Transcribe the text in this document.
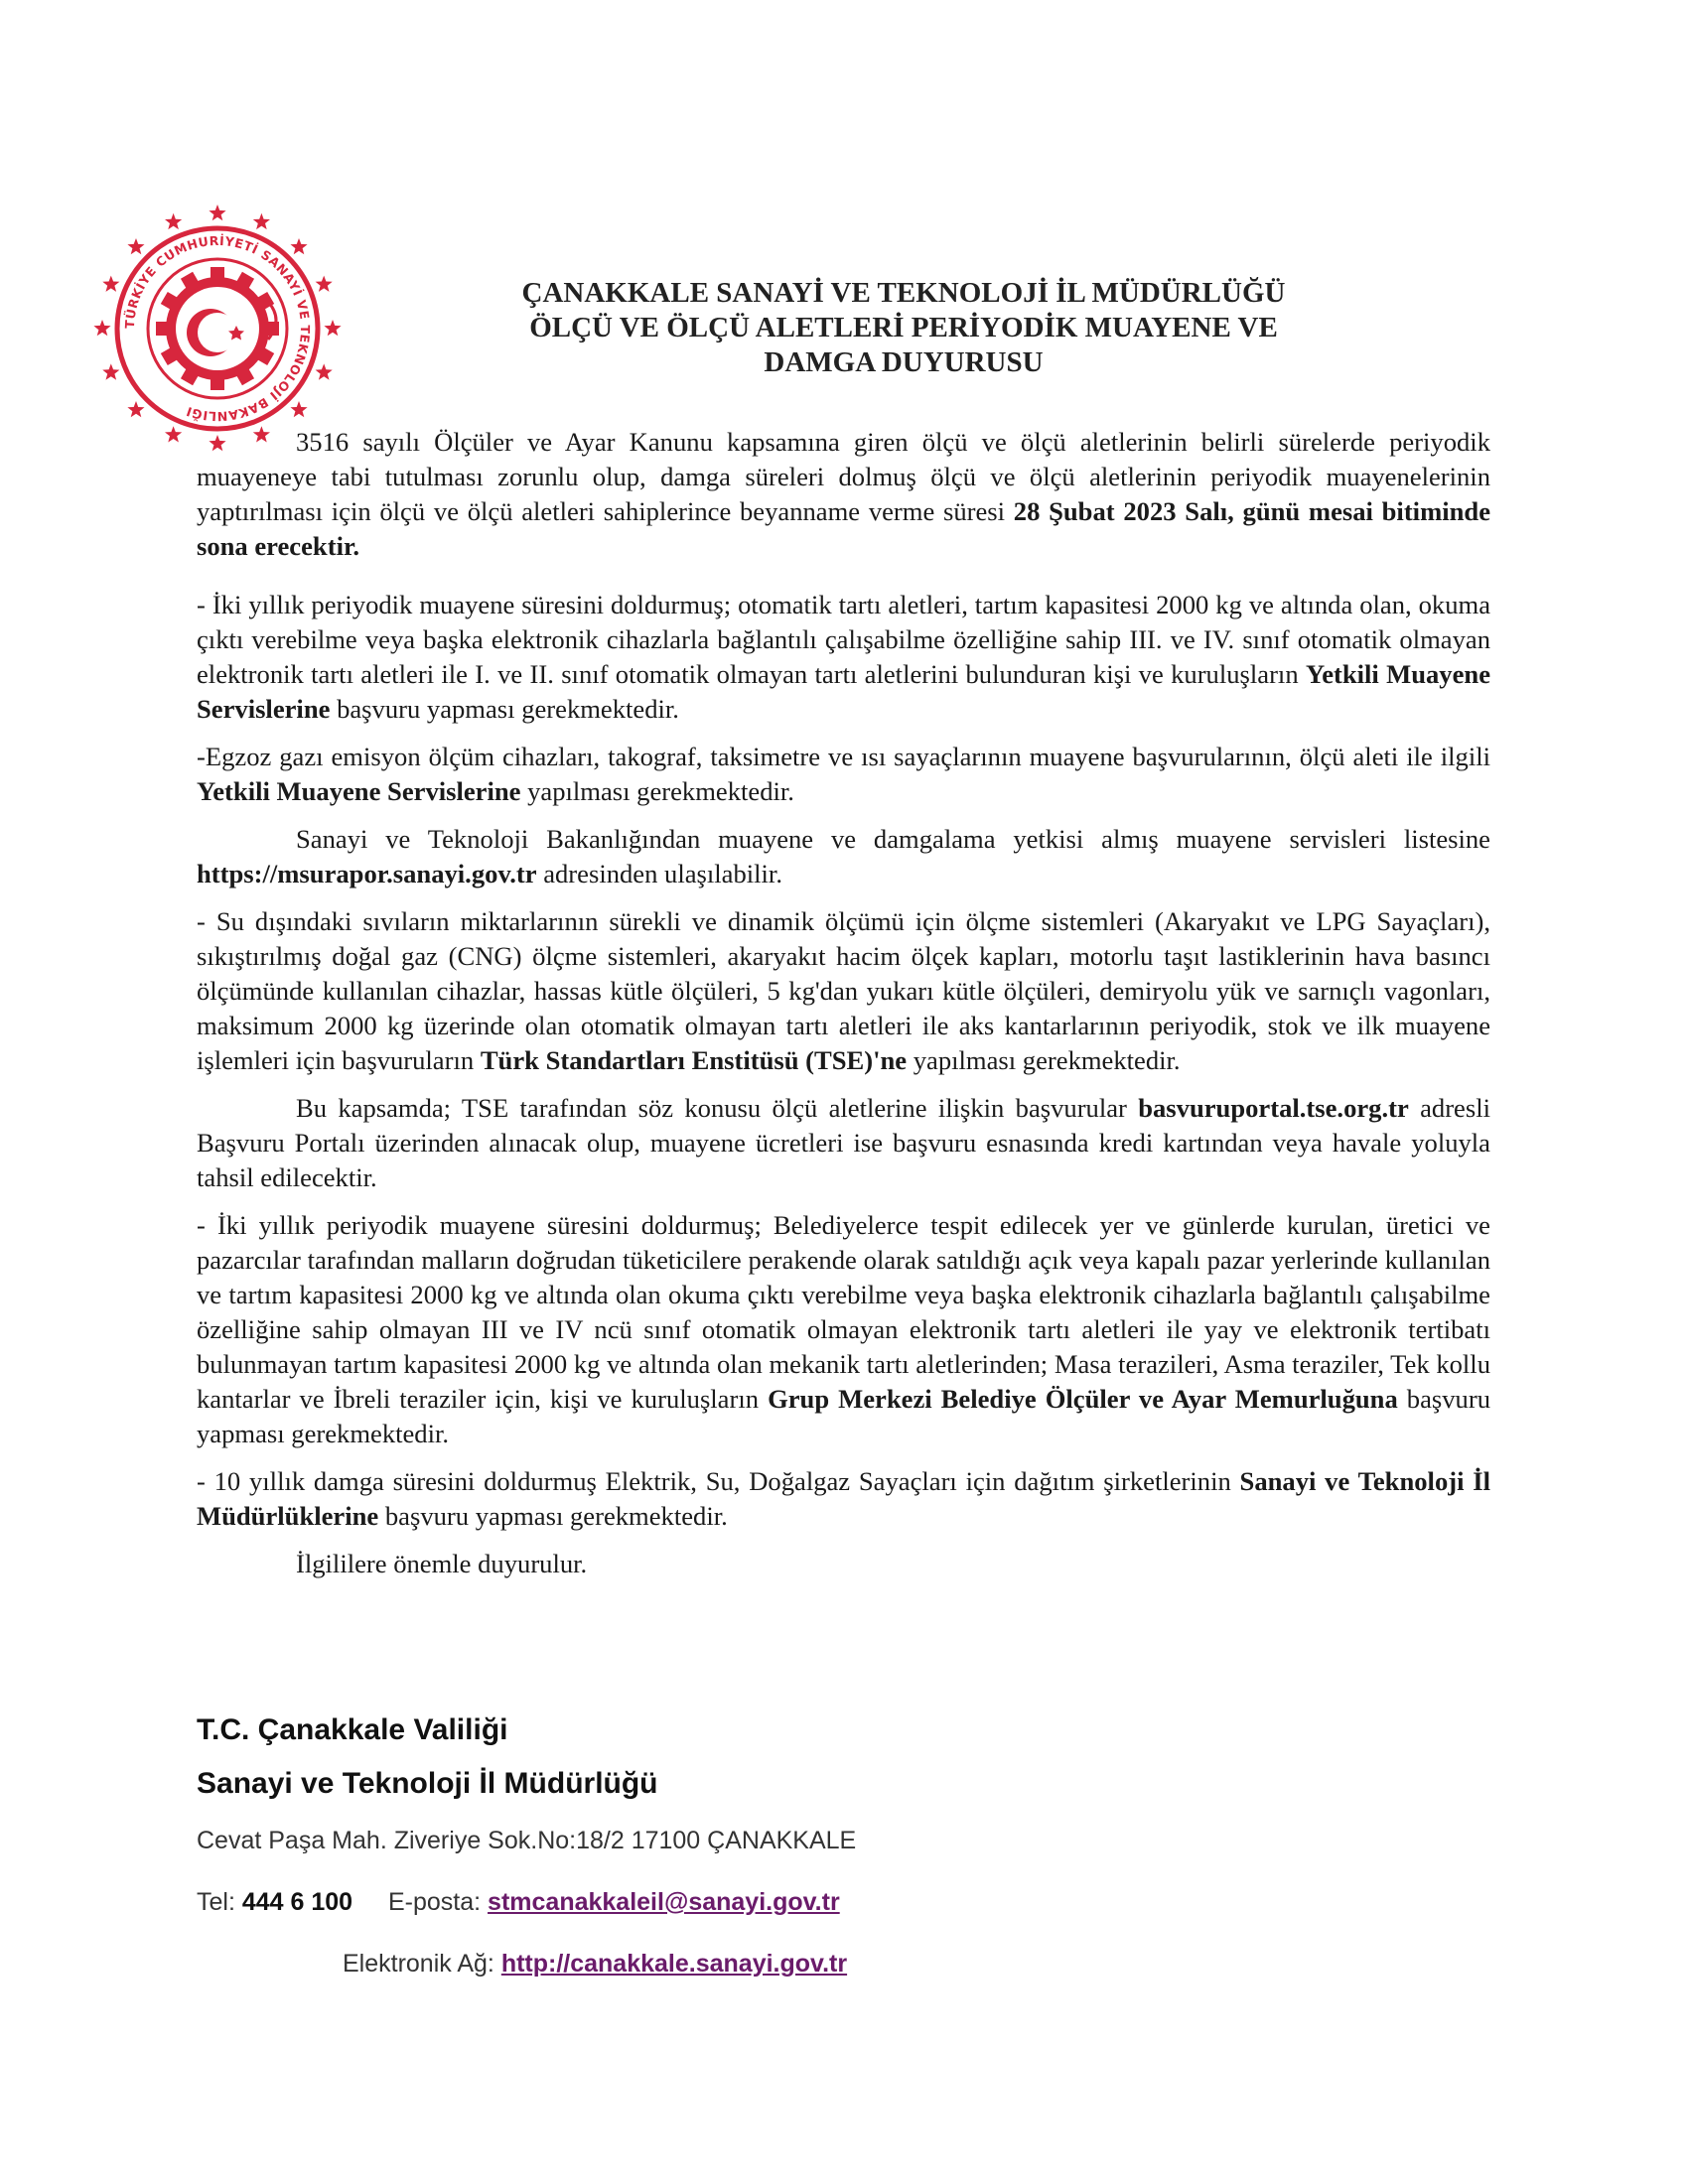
TÜRKİYE CUMHURİYETİ SANAYİ VE TEKNOLOJİ BAKANLIĞI
ÇANAKKALE SANAYİ VE TEKNOLOJİ İL MÜDÜRLÜĞÜ
ÖLÇÜ VE ÖLÇÜ ALETLERİ PERİYODİK MUAYENE VE
DAMGA DUYURUSU

3516 sayılı Ölçüler ve Ayar Kanunu kapsamına giren ölçü ve ölçü aletlerinin belirli sürelerde periyodik muayeneye tabi tutulması zorunlu olup, damga süreleri dolmuş ölçü ve ölçü aletlerinin periyodik muayenelerinin yaptırılması için ölçü ve ölçü aletleri sahiplerince beyanname verme süresi 28 Şubat 2023 Salı, günü mesai bitiminde sona erecektir.

- İki yıllık periyodik muayene süresini doldurmuş; otomatik tartı aletleri, tartım kapasitesi 2000 kg ve altında olan, okuma çıktı verebilme veya başka elektronik cihazlarla bağlantılı çalışabilme özelliğine sahip III. ve IV. sınıf otomatik olmayan elektronik tartı aletleri ile I. ve II. sınıf otomatik olmayan tartı aletlerini bulunduran kişi ve kuruluşların Yetkili Muayene Servislerine başvuru yapması gerekmektedir.

-Egzoz gazı emisyon ölçüm cihazları, takograf, taksimetre ve ısı sayaçlarının muayene başvurularının, ölçü aleti ile ilgili Yetkili Muayene Servislerine yapılması gerekmektedir.

Sanayi ve Teknoloji Bakanlığından muayene ve damgalama yetkisi almış muayene servisleri listesine https://msurapor.sanayi.gov.tr adresinden ulaşılabilir.

- Su dışındaki sıvıların miktarlarının sürekli ve dinamik ölçümü için ölçme sistemleri (Akaryakıt ve LPG Sayaçları), sıkıştırılmış doğal gaz (CNG) ölçme sistemleri, akaryakıt hacim ölçek kapları, motorlu taşıt lastiklerinin hava basıncı ölçümünde kullanılan cihazlar, hassas kütle ölçüleri, 5 kg'dan yukarı kütle ölçüleri, demiryolu yük ve sarnıçlı vagonları, maksimum 2000 kg üzerinde olan otomatik olmayan tartı aletleri ile aks kantarlarının periyodik, stok ve ilk muayene işlemleri için başvuruların Türk Standartları Enstitüsü (TSE)'ne yapılması gerekmektedir.

Bu kapsamda; TSE tarafından söz konusu ölçü aletlerine ilişkin başvurular basvuruportal.tse.org.tr adresli Başvuru Portalı üzerinden alınacak olup, muayene ücretleri ise başvuru esnasında kredi kartından veya havale yoluyla tahsil edilecektir.

- İki yıllık periyodik muayene süresini doldurmuş; Belediyelerce tespit edilecek yer ve günlerde kurulan, üretici ve pazarcılar tarafından malların doğrudan tüketicilere perakende olarak satıldığı açık veya kapalı pazar yerlerinde kullanılan ve tartım kapasitesi 2000 kg ve altında olan okuma çıktı verebilme veya başka elektronik cihazlarla bağlantılı çalışabilme özelliğine sahip olmayan III ve IV ncü sınıf otomatik olmayan elektronik tartı aletleri ile yay ve elektronik tertibatı bulunmayan tartım kapasitesi 2000 kg ve altında olan mekanik tartı aletlerinden; Masa terazileri, Asma teraziler, Tek kollu kantarlar ve İbreli teraziler için, kişi ve kuruluşların Grup Merkezi Belediye Ölçüler ve Ayar Memurluğuna başvuru yapması gerekmektedir.

- 10 yıllık damga süresini doldurmuş Elektrik, Su, Doğalgaz Sayaçları için dağıtım şirketlerinin Sanayi ve Teknoloji İl Müdürlüklerine başvuru yapması gerekmektedir.

İlgililere önemle duyurulur.

T.C. Çanakkale Valiliği
Sanayi ve Teknoloji İl Müdürlüğü
Cevat Paşa Mah. Ziveriye Sok.No:18/2 17100 ÇANAKKALE
Tel: 444 6 100 E-posta: stmcanakkaleil@sanayi.gov.tr
Elektronik Ağ: http://canakkale.sanayi.gov.tr
